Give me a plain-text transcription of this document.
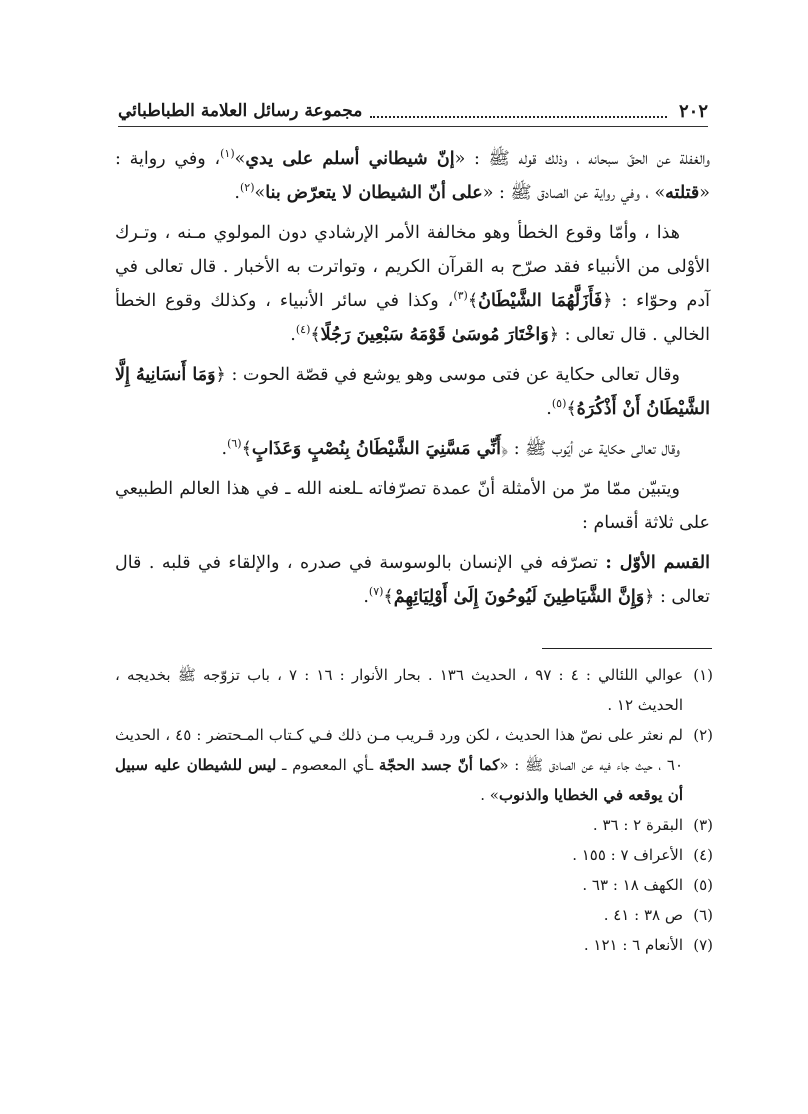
٢٠٢
مجموعة رسائل العلامة الطباطبائي

والغفلة عن الحقّ سبحانه ، وذلك قوله ﷺ : «إنّ شيطاني أسلم على يدي»$^{(١)}$، وفي رواية : «قتلته» ، وفي رواية عن الصادق ﷺ : «على أنّ الشيطان لا يتعرّض بنا»$^{(٢)}$.

هذا ، وأمّا وقوع الخطأ وهو مخالفة الأمر الإرشادي دون المولوي مـنه ، وتـرك الأوْلى من الأنبياء فقد صرّح به القرآن الكريم ، وتواترت به الأخبار . قال تعالى في آدم وحوّاء : ﴿فَأَزَلَّهُمَا الشَّيْطَانُ﴾$^{(٣)}$، وكذا في سائر الأنبياء ، وكذلك وقوع الخطأ الخالي . قال تعالى : ﴿وَاخْتَارَ مُوسَىٰ قَوْمَهُ سَبْعِينَ رَجُلًا﴾$^{(٤)}$.

وقال تعالى حكاية عن فتى موسى وهو يوشع في قصّة الحوت : ﴿وَمَا أَنسَانِيهُ إِلَّا الشَّيْطَانُ أَنْ أَذْكُرَهُ﴾$^{(٥)}$.

وقال تعالى حكاية عن أيّوب ﷺ : ﴿أَنِّي مَسَّنِيَ الشَّيْطَانُ بِنُصْبٍ وَعَذَابٍ﴾$^{(٦)}$.

ويتبيّن ممّا مرّ من الأمثلة أنّ عمدة تصرّفاته ـلعنه الله ـ في هذا العالم الطبيعي على ثلاثة أقسام :

القسم الأوّل : تصرّفه في الإنسان بالوسوسة في صدره ، والإلقاء في قلبه . قال تعالى : ﴿وَإِنَّ الشَّيَاطِينَ لَيُوحُونَ إِلَىٰ أَوْلِيَائِهِمْ﴾$^{(٧)}$.

(١)
عوالي اللئالي : ٤ : ٩٧ ، الحديث ١٣٦ . بحار الأنوار : ١٦ : ٧ ، باب تزوّجه ﷺ بخديجه ، الحديث ١٢ .
(٢)
لم نعثر على نصّ هذا الحديث ، لكن ورد قـريب مـن ذلك فـي كـتاب المـحتضر : ٤٥ ، الحديث ٦٠ ، حيث جاء فيه عن الصادق ﷺ : «كما أنّ جسد الحجّة ـأي المعصوم ـ ليس للشيطان عليه سبيل أن يوقعه في الخطايا والذنوب» .
(٣)
البقرة ٢ : ٣٦ .
(٤)
الأعراف ٧ : ١٥٥ .
(٥)
الكهف ١٨ : ٦٣ .
(٦)
ص ٣٨ : ٤١ .
(٧)
الأنعام ٦ : ١٢١ .
